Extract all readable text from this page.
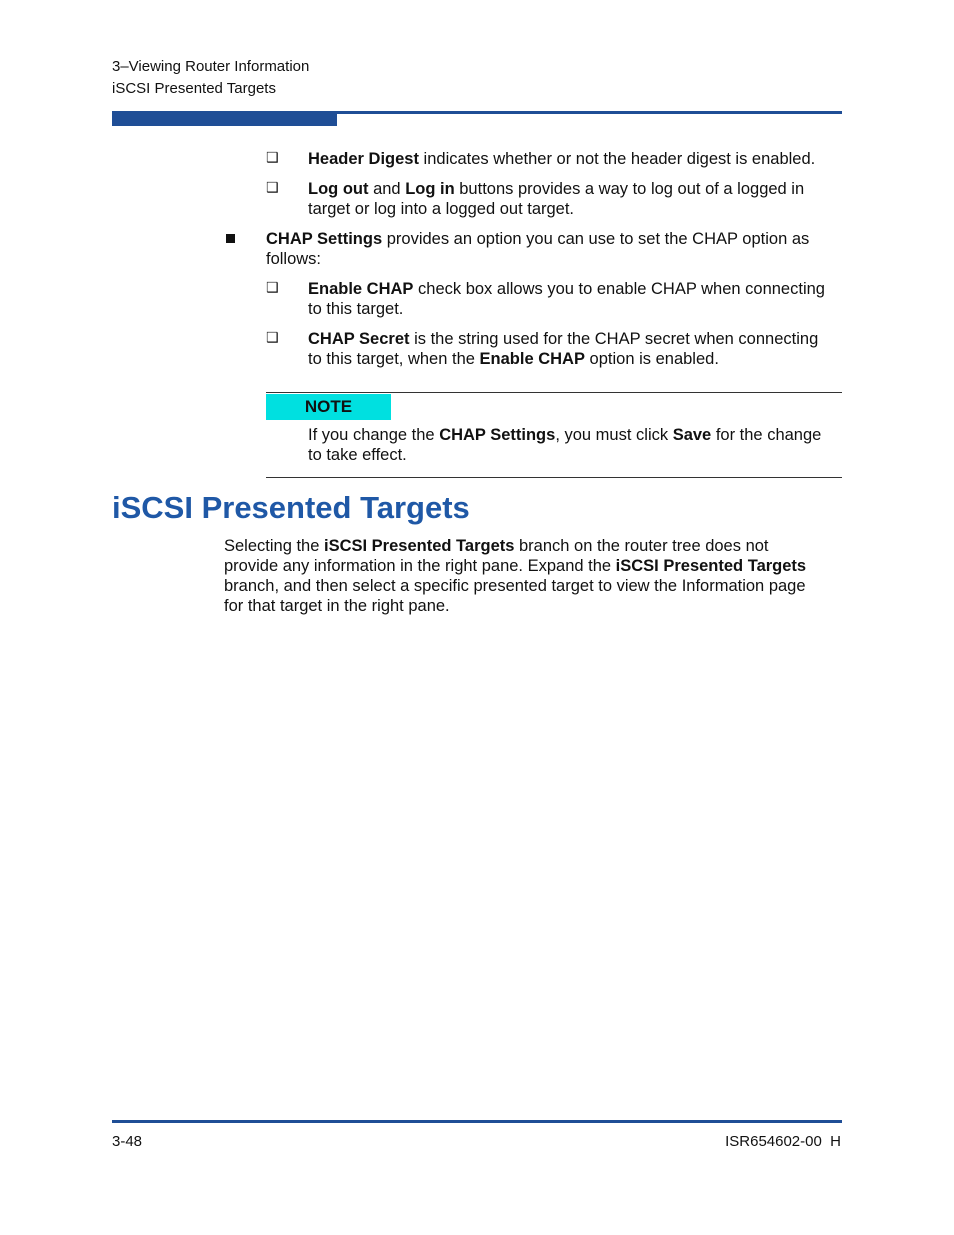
3–Viewing Router Information
iSCSI Presented Targets
❑ Header Digest indicates whether or not the header digest is enabled.
❑ Log out and Log in buttons provides a way to log out of a logged in
target or log into a logged out target.
CHAP Settings provides an option you can use to set the CHAP option as
follows:
❑ Enable CHAP check box allows you to enable CHAP when connecting
to this target.
❑ CHAP Secret is the string used for the CHAP secret when connecting
to this target, when the Enable CHAP option is enabled.
NOTE
If you change the CHAP Settings, you must click Save for the change
to take effect.
iSCSI Presented Targets
Selecting the iSCSI Presented Targets branch on the router tree does not
provide any information in the right pane. Expand the iSCSI Presented Targets
branch, and then select a specific presented target to view the Information page
for that target in the right pane.
3-48	ISR654602-00  H
